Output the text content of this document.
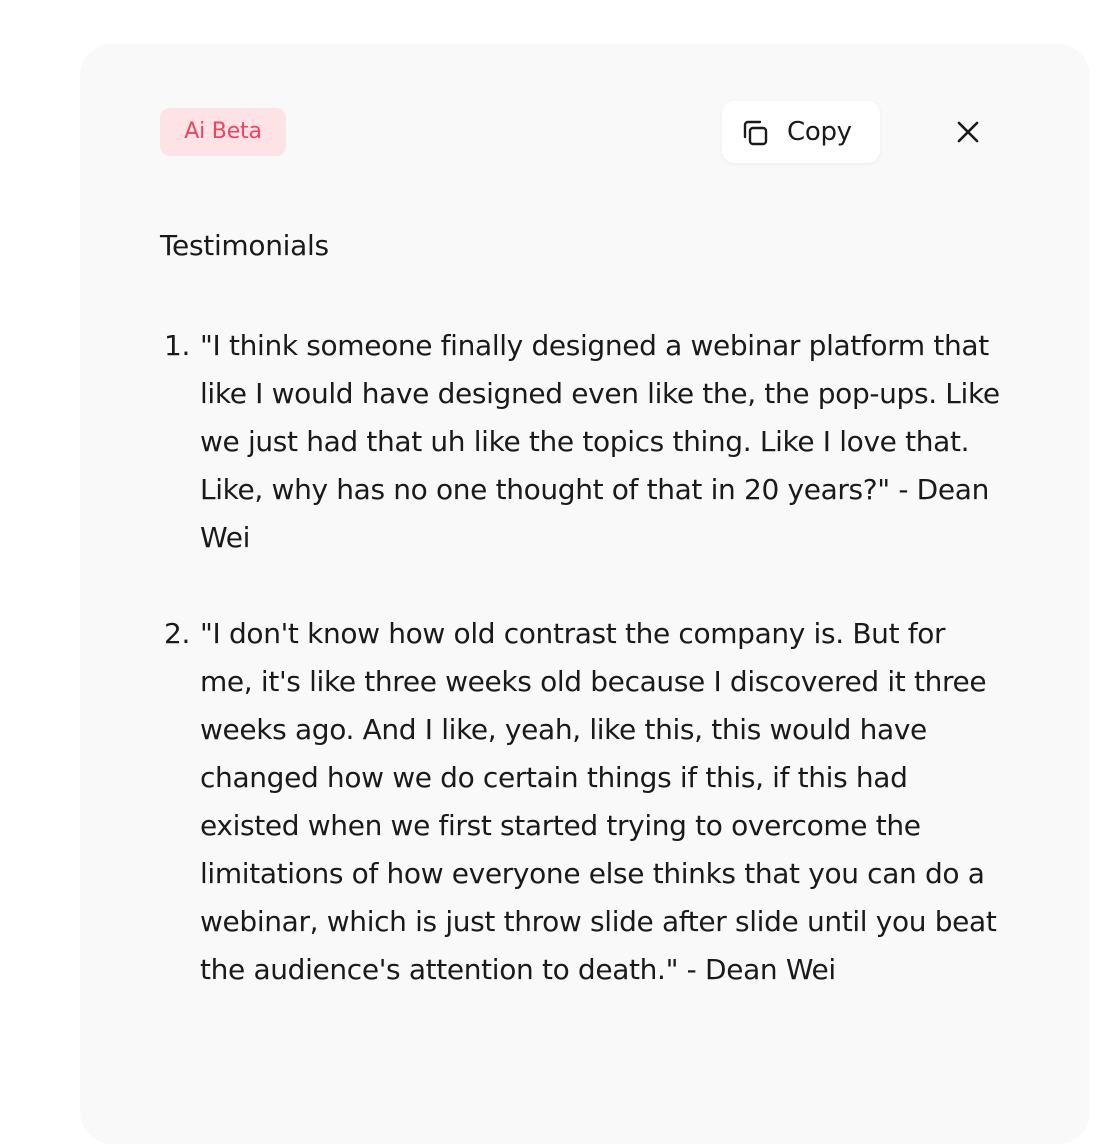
Ai Beta	Copy
Testimonials
1. "I think someone finally designed a webinar platform that like I would have designed even like the, the pop-ups. Like we just had that uh like the topics thing. Like I love that. Like, why has no one thought of that in 20 years?" - Dean Wei
2. "I don't know how old contrast the company is. But for me, it's like three weeks old because I discovered it three weeks ago. And I like, yeah, like this, this would have changed how we do certain things if this, if this had existed when we first started trying to overcome the limitations of how everyone else thinks that you can do a webinar, which is just throw slide after slide until you beat the audience's attention to death." - Dean Wei
